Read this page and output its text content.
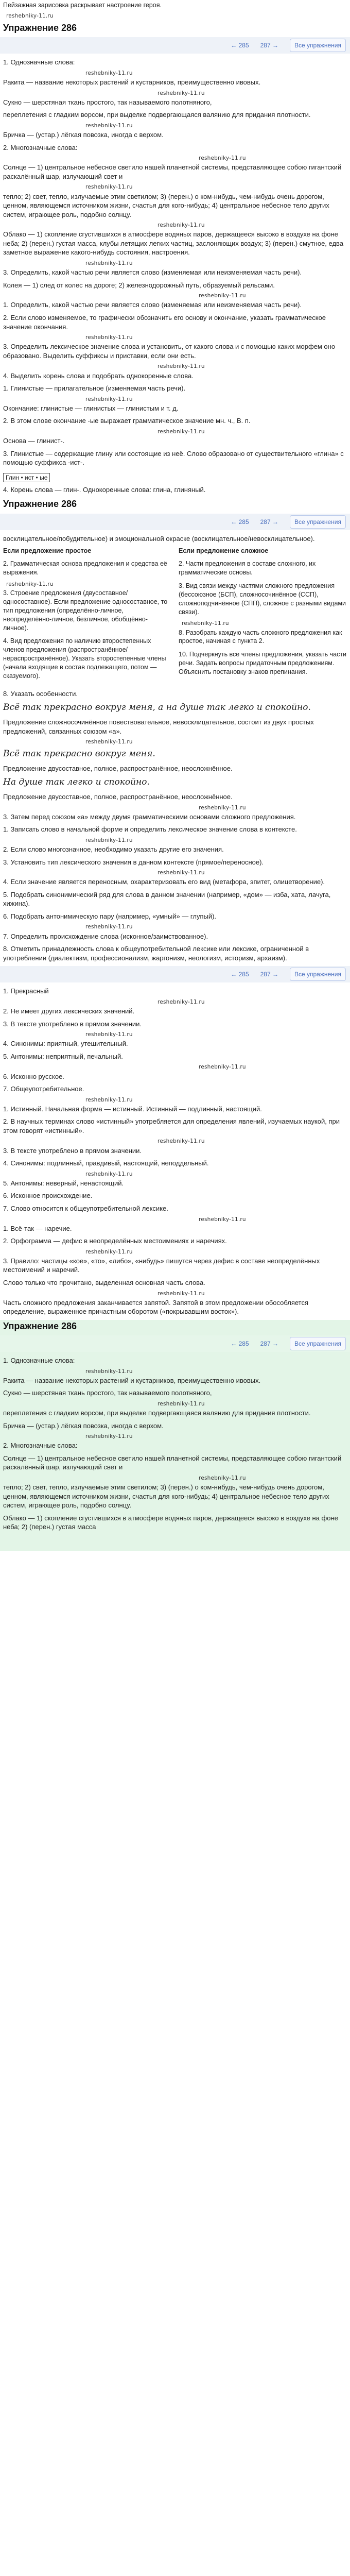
Пейзажная зарисовка раскрывает настроение героя.
reshebniky-11.ru
Упражнение 286
← 285 287 →	Все упражнения
1. Однозначные слова:
reshebniky-11.ru
Ракита — название некоторых растений и кустарников, преимущественно ивовых.
reshebniky-11.ru
Сукно — шерстяная ткань простого, так называемого полотняного,
переплетения с гладким ворсом, при выделке подвергающаяся валянию для придания плотности.
reshebniky-11.ru
Бричка — (устар.) лёгкая повозка, иногда с верхом.
2. Многозначные слова:
reshebniky-11.ru
Солнце — 1) центральное небесное светило нашей планетной системы, представляющее собою гигантский раскалённый шар, излучающий свет и
reshebniky-11.ru
тепло; 2) свет, тепло, излучаемые этим светилом; 3) (перен.) о ком-нибудь, чем-нибудь очень дорогом, ценном, являющемся источником жизни, счастья для кого-нибудь; 4) центральное небесное тело других систем, играющее роль, подобно солнцу.
reshebniky-11.ru
Облако — 1) скопление сгустившихся в атмосфере водяных паров, держащееся высоко в воздухе на фоне неба; 2) (перен.) густая масса, клубы летящих легких частиц, заслоняющих воздух; 3) (перен.) смутное, едва заметное выражение какого-нибудь состояния, настроения.
reshebniky-11.ru
3. Определить, какой частью речи является слово (изменяемая или неизменяемая часть речи).
Колея — 1) след от колес на дороге; 2) железнодорожный путь, образуемый рельсами.
reshebniky-11.ru
1. Определить, какой частью речи является слово (изменяемая или неизменяемая часть речи).
2. Если слово изменяемое, то графически обозначить его основу и окончание, указать грамматическое значение окончания.
reshebniky-11.ru
3. Определить лексическое значение слова и установить, от какого слова и с помощью каких морфем оно образовано. Выделить суффиксы и приставки, если они есть.
reshebniky-11.ru
4. Выделить корень слова и подобрать однокоренные слова.
1. Глинистые — прилагательное (изменяемая часть речи).
reshebniky-11.ru
Окончание: глинистые — глинистых — глинистым и т. д.
2. В этом слове окончание -ые выражает грамматическое значение мн. ч., В. п.
reshebniky-11.ru
Основа — глинист-.
3. Глинистые — содержащие глину или состоящие из неё. Слово образовано от существительного «глина» с помощью суффикса -ист-.
Глин • ист • ые
4. Корень слова — глин-. Однокоренные слова: глина, глиняный.
Упражнение 286
← 285 287 →	Все упражнения
восклицательное/побудительное) и эмоциональной окраске (восклицательное/невосклицательное).
Если предложение простое
2. Грамматическая основа предложения и средства её выражения.
reshebniky-11.ru
3. Строение предложения (двусоставное/односоставное). Если предложение односоставное, то тип предложения (определённо-личное, неопределённо-личное, безличное, обобщённо-личное).
4. Вид предложения по наличию второстепенных членов предложения (распространённое/нераспространённое). Указать второстепенные члены (начала входящие в состав подлежащего, потом — сказуемого).
Если предложение сложное
2. Части предложения в составе сложного, их грамматические основы.
3. Вид связи между частями сложного предложения (бессоюзное (БСП), сложносочинённое (ССП), сложноподчинённое (СПП), сложное с разными видами связи).
reshebniky-11.ru
8. Разобрать каждую часть сложного предложения как простое, начиная с пункта 2.
10. Подчеркнуть все члены предложения, указать части речи. Задать вопросы придаточным предложениям. Объяснить постановку знаков препинания.
8. Указать особенности.
Всё так прекрасно вокруг меня, а на душе так легко и спокойно.
Предложение сложносочинённое повествовательное, невосклицательное, состоит из двух простых предложений, связанных союзом «а».
reshebniky-11.ru
Всё так прекрасно вокруг меня.
Предложение двусоставное, полное, распространённое, неосложнённое.
На душе так легко и спокойно.
Предложение двусоставное, полное, распространённое, неосложнённое.
reshebniky-11.ru
3. Затем перед союзом «а» между двумя грамматическими основами сложного предложения.
1. Записать слово в начальной форме и определить лексическое значение слова в контексте.
reshebniky-11.ru
2. Если слово многозначное, необходимо указать другие его значения.
3. Установить тип лексического значения в данном контексте (прямое/переносное).
reshebniky-11.ru
4. Если значение является переносным, охарактеризовать его вид (метафора, эпитет, олицетворение).
5. Подобрать синонимический ряд для слова в данном значении (например, «дом» — изба, хата, лачуга, хижина).
6. Подобрать антонимическую пару (например, «умный» — глупый).
reshebniky-11.ru
7. Определить происхождение слова (исконное/заимствованное).
8. Отметить принадлежность слова к общеупотребительной лексике или лексике, ограниченной в употреблении (диалектизм, профессионализм, жаргонизм, неологизм, историзм, архаизм).
← 285 287 →	Все упражнения
1. Прекрасный
reshebniky-11.ru
2. Не имеет других лексических значений.
3. В тексте употреблено в прямом значении.
reshebniky-11.ru
4. Синонимы: приятный, утешительный.
5. Антонимы: неприятный, печальный.
reshebniky-11.ru
6. Исконно русское.
7. Общеупотребительное.
reshebniky-11.ru
1. Истинный. Начальная форма — истинный. Истинный — подлинный, настоящий.
2. В научных терминах слово «истинный» употребляется для определения явлений, изучаемых наукой, при этом говорят «истинный».
reshebniky-11.ru
3. В тексте употреблено в прямом значении.
4. Синонимы: подлинный, правдивый, настоящий, неподдельный.
reshebniky-11.ru
5. Антонимы: неверный, ненастоящий.
6. Исконное происхождение.
7. Слово относится к общеупотребительной лексике.
reshebniky-11.ru
1. Всё-так — наречие.
2. Орфограмма — дефис в неопределённых местоимениях и наречиях.
reshebniky-11.ru
3. Правило: частицы «кое», «то», «либо», «нибудь» пишутся через дефис в составе неопределённых местоимений и наречий.
Слово только что прочитано, выделенная основная часть слова.
reshebniky-11.ru
Часть сложного предложения заканчивается запятой. Запятой в этом предложении обособляется определение, выраженное причастным оборотом («покрывавшим восток»).
Упражнение 286
← 285 287 →	Все упражнения
1. Однозначные слова:
reshebniky-11.ru
Ракита — название некоторых растений и кустарников, преимущественно ивовых.
Сукно — шерстяная ткань простого, так называемого полотняного,
reshebniky-11.ru
переплетения с гладким ворсом, при выделке подвергающаяся валянию для придания плотности.
Бричка — (устар.) лёгкая повозка, иногда с верхом.
reshebniky-11.ru
2. Многозначные слова:
Солнце — 1) центральное небесное светило нашей планетной системы, представляющее собою гигантский раскалённый шар, излучающий свет и
reshebniky-11.ru
тепло; 2) свет, тепло, излучаемые этим светилом; 3) (перен.) о ком-нибудь, чем-нибудь очень дорогом, ценном, являющемся источником жизни, счастья для кого-нибудь; 4) центральное небесное тело других систем, играющее роль, подобно солнцу.
Облако — 1) скопление сгустившихся в атмосфере водяных паров, держащееся высоко в воздухе на фоне неба; 2) (перен.) густая масса
